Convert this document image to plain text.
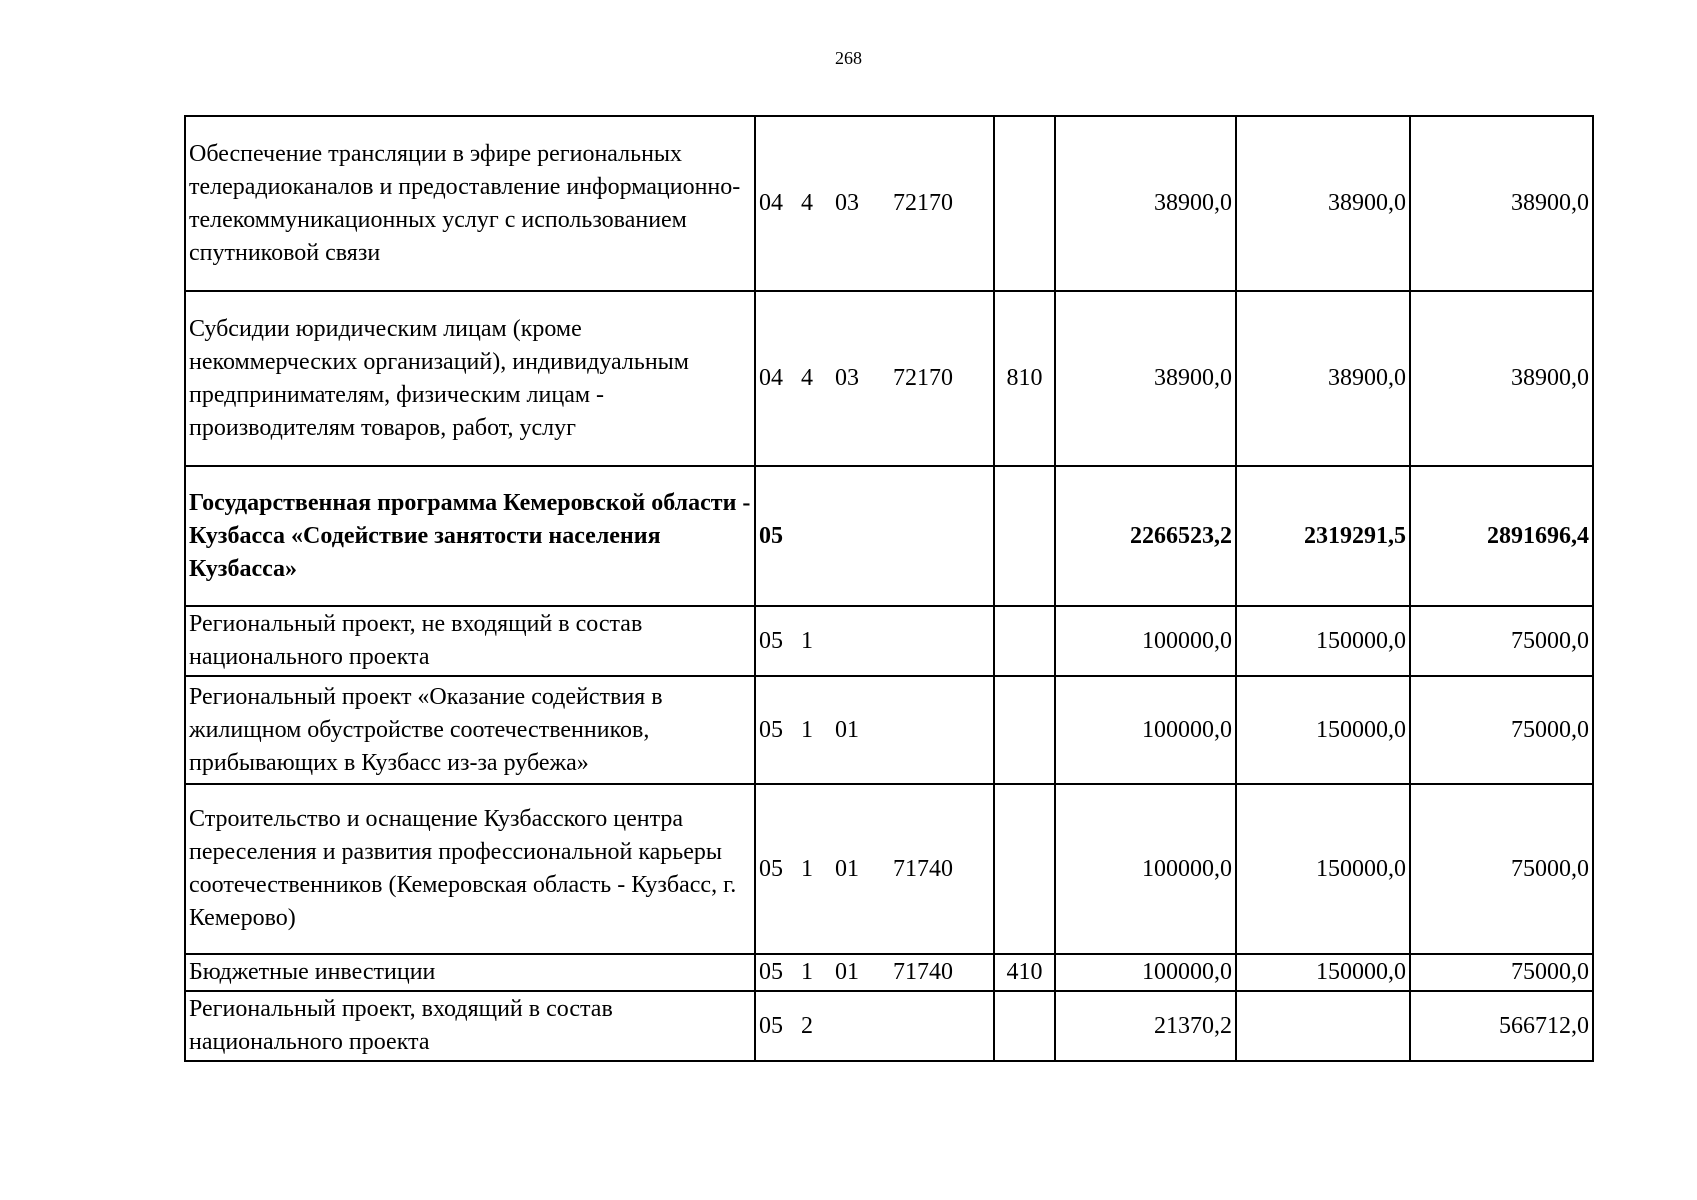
268
Обеспечение трансляции в эфире региональных телерадиоканалов и предоставление информационно-телекоммуникационных услуг с использованием спутниковой связи	04 4 03 72170		38900,0	38900,0	38900,0
Субсидии юридическим лицам (кроме некоммерческих организаций), индивидуальным предпринимателям, физическим лицам - производителям товаров, работ, услуг	04 4 03 72170	810	38900,0	38900,0	38900,0
Государственная программа Кемеровской области - Кузбасса «Содействие занятости населения Кузбасса»	05		2266523,2	2319291,5	2891696,4
Региональный проект, не входящий в состав национального проекта	05 1		100000,0	150000,0	75000,0
Региональный проект «Оказание содействия в жилищном обустройстве соотечественников, прибывающих в Кузбасс из-за рубежа»	05 1 01		100000,0	150000,0	75000,0
Строительство и оснащение Кузбасского центра переселения и развития профессиональной карьеры соотечественников (Кемеровская область - Кузбасс, г. Кемерово)	05 1 01 71740		100000,0	150000,0	75000,0
Бюджетные инвестиции	05 1 01 71740	410	100000,0	150000,0	75000,0
Региональный проект, входящий в состав национального проекта	05 2		21370,2		566712,0
